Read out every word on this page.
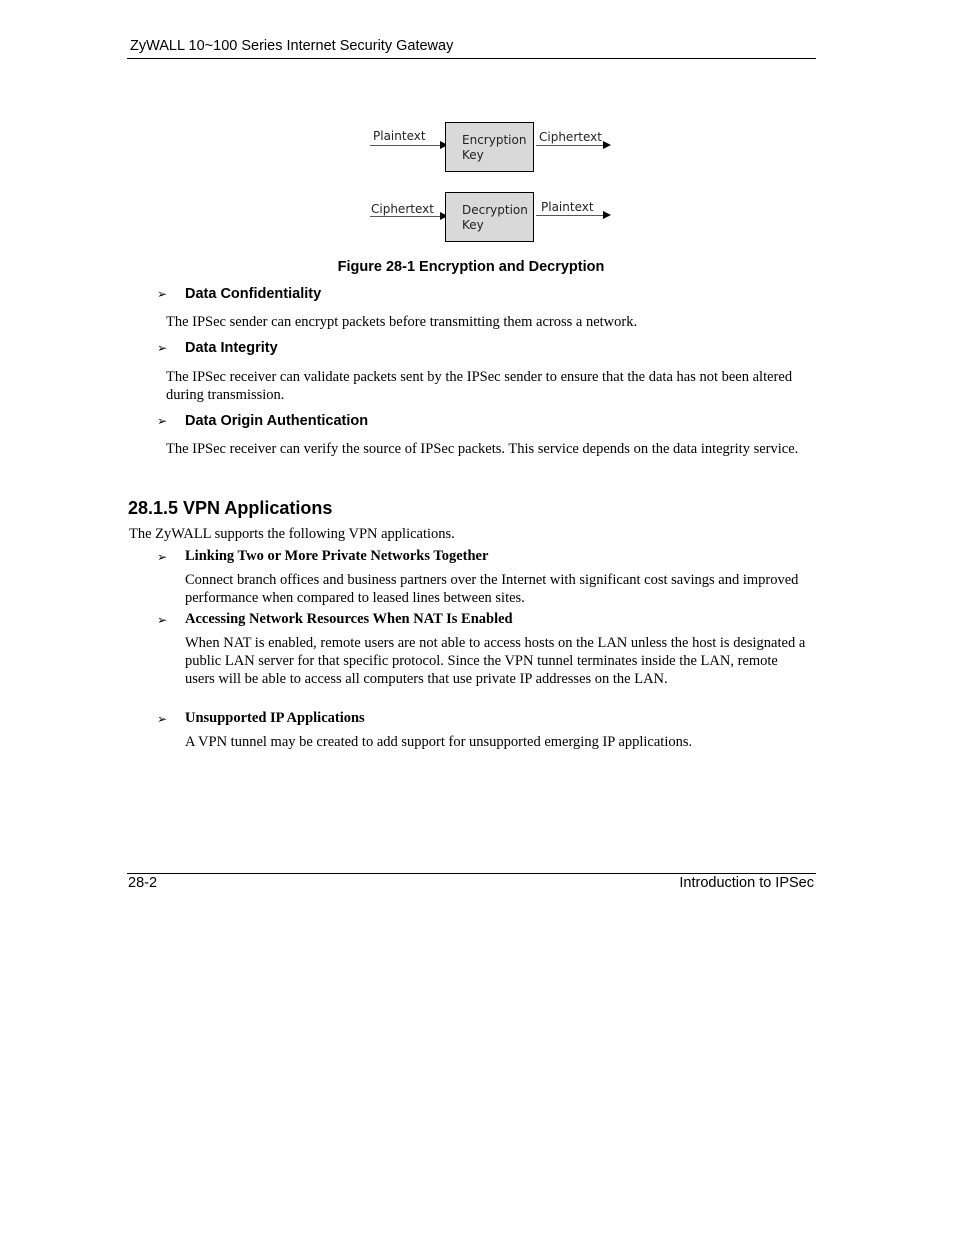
ZyWALL 10~100 Series Internet Security Gateway
Plaintext	Encryption Key
Ciphertext
Ciphertext Decryption Key
Plaintext
Figure 28-1 Encryption and Decryption
➢ Data Confidentiality
The IPSec sender can encrypt packets before transmitting them across a network.
➢ Data Integrity
The IPSec receiver can validate packets sent by the IPSec sender to ensure that the data has not been altered during transmission.
➢ Data Origin Authentication
The IPSec receiver can verify the source of IPSec packets. This service depends on the data integrity service.
28.1.5 VPN Applications
The ZyWALL supports the following VPN applications.
➢ Linking Two or More Private Networks Together
Connect branch offices and business partners over the Internet with significant cost savings and improved performance when compared to leased lines between sites.
➢ Accessing Network Resources When NAT Is Enabled
When NAT is enabled, remote users are not able to access hosts on the LAN unless the host is designated a public LAN server for that specific protocol. Since the VPN tunnel terminates inside the LAN, remote users will be able to access all computers that use private IP addresses on the LAN.
➢ Unsupported IP Applications
A VPN tunnel may be created to add support for unsupported emerging IP applications.
28-2	Introduction to IPSec
